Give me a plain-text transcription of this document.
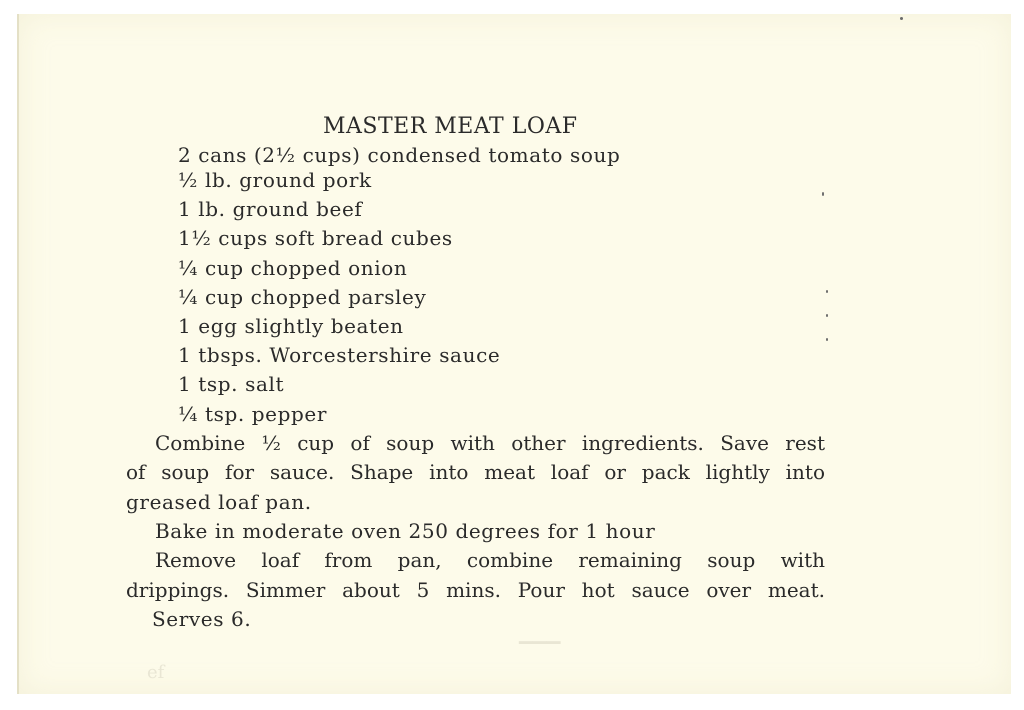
ef
▔▔▔
MASTER MEAT LOAF
2 cans (2½ cups) condensed tomato soup
½ lb. ground pork
1 lb. ground beef
1½ cups soft bread cubes
¼ cup chopped onion
¼ cup chopped parsley
1 egg slightly beaten
1 tbsps. Worcestershire sauce
1 tsp. salt
¼ tsp. pepper
Combine ½ cup of soup with other ingredients. Save rest
of soup for sauce. Shape into meat loaf or pack lightly into
greased loaf pan.
Bake in moderate oven 250 degrees for 1 hour
Remove loaf from pan, combine remaining soup with
drippings. Simmer about 5 mins. Pour hot sauce over meat.
Serves 6.
